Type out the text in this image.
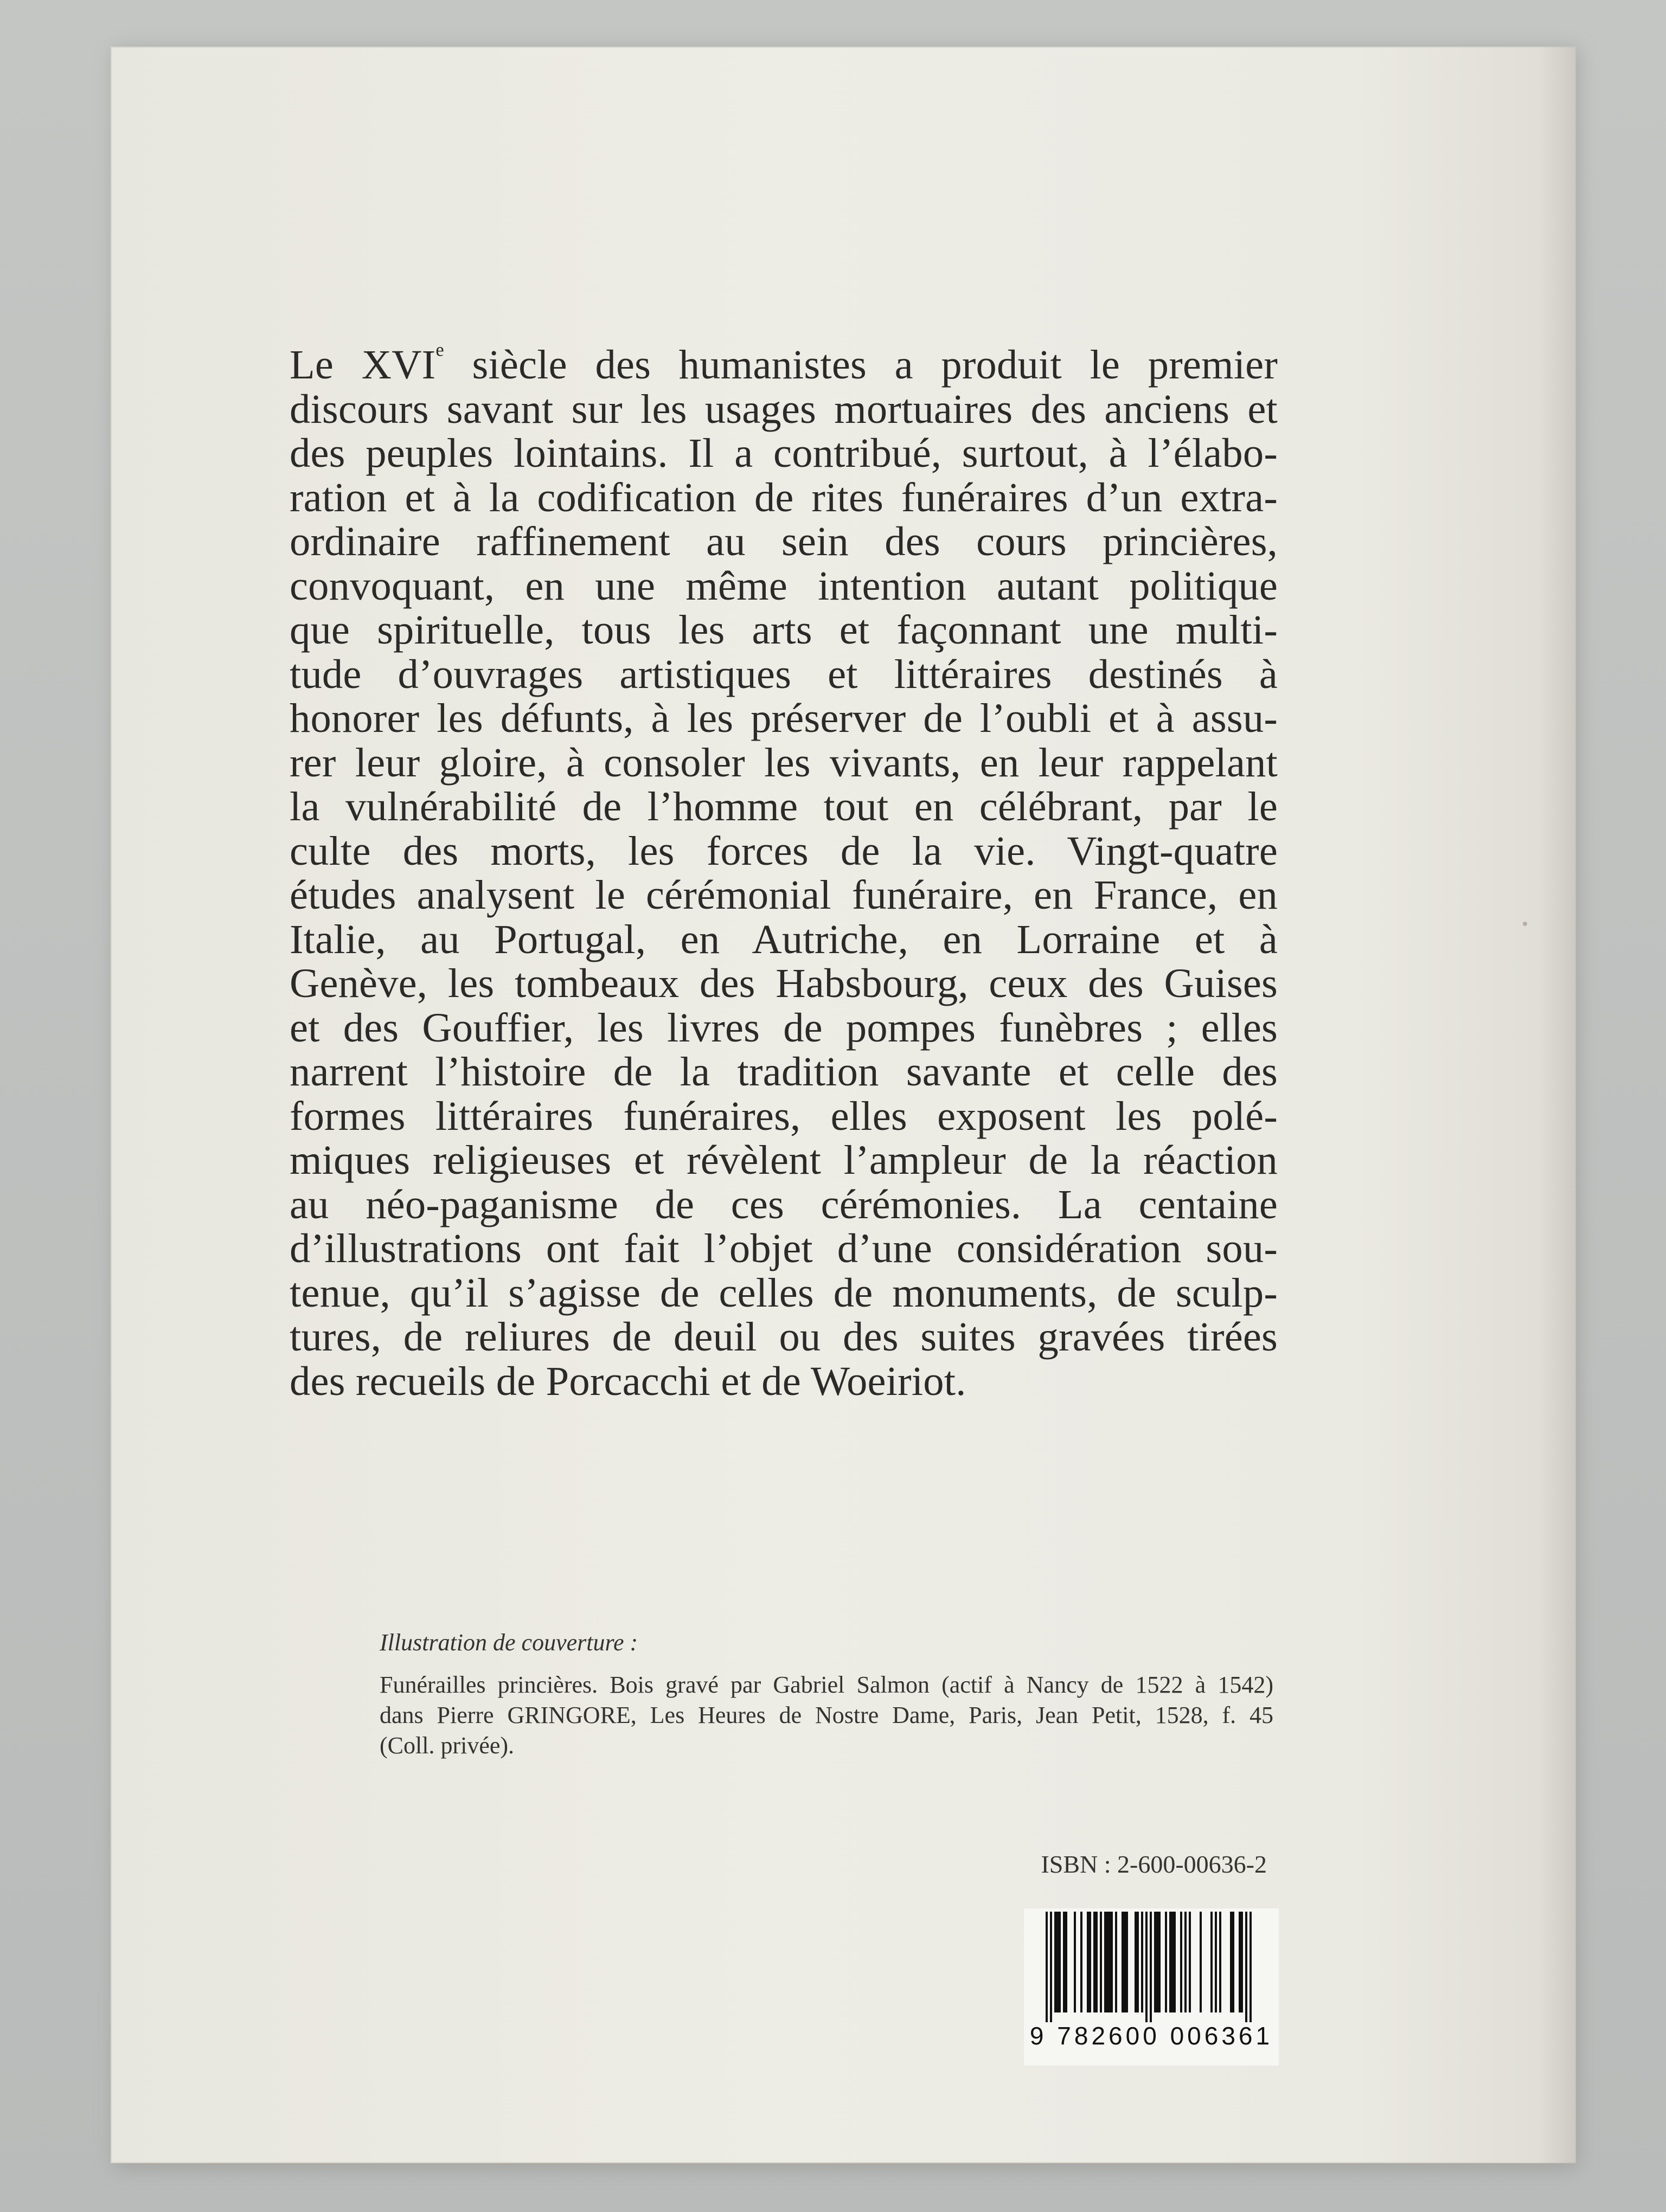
Le XVIe siècle des humanistes a produit le premier
discours savant sur les usages mortuaires des anciens et
des peuples lointains. Il a contribué, surtout, à l’élabo-
ration et à la codification de rites funéraires d’un extra-
ordinaire raffinement au sein des cours princières,
convoquant, en une même intention autant politique
que spirituelle, tous les arts et façonnant une multi-
tude d’ouvrages artistiques et littéraires destinés à
honorer les défunts, à les préserver de l’oubli et à assu-
rer leur gloire, à consoler les vivants, en leur rappelant
la vulnérabilité de l’homme tout en célébrant, par le
culte des morts, les forces de la vie. Vingt-quatre
études analysent le cérémonial funéraire, en France, en
Italie, au Portugal, en Autriche, en Lorraine et à
Genève, les tombeaux des Habsbourg, ceux des Guises
et des Gouffier, les livres de pompes funèbres ; elles
narrent l’histoire de la tradition savante et celle des
formes littéraires funéraires, elles exposent les polé-
miques religieuses et révèlent l’ampleur de la réaction
au néo-paganisme de ces cérémonies. La centaine
d’illustrations ont fait l’objet d’une considération sou-
tenue, qu’il s’agisse de celles de monuments, de sculp-
tures, de reliures de deuil ou des suites gravées tirées
des recueils de Porcacchi et de Woeiriot.
Illustration de couverture :
Funérailles princières. Bois gravé par Gabriel Salmon (actif à Nancy de 1522 à 1542)
dans Pierre GRINGORE, Les Heures de Nostre Dame, Paris, Jean Petit, 1528, f. 45
(Coll. privée).
ISBN : 2-600-00636-2
9 782600 006361
